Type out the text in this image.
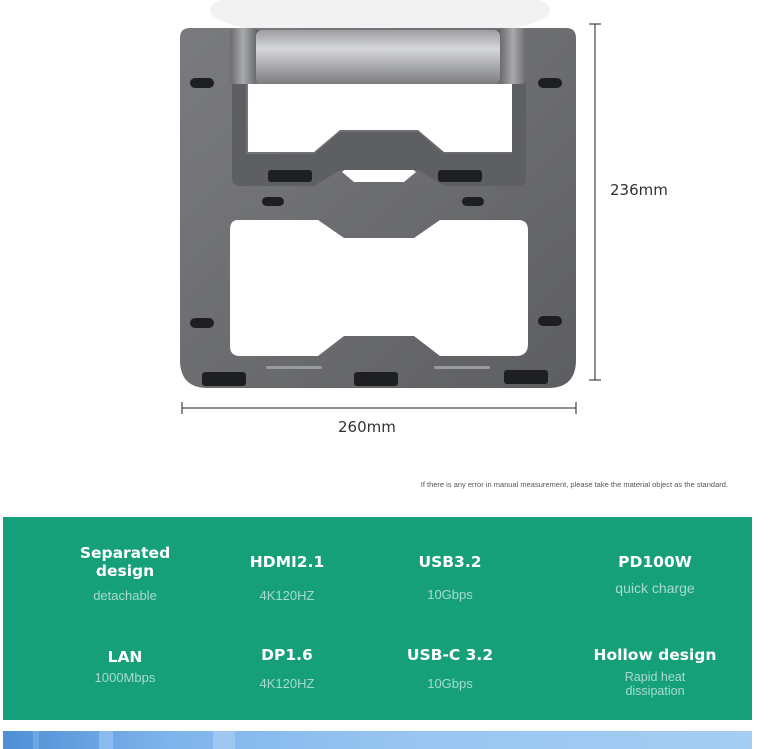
236mm
260mm
If there is any error in manual measurement, please take the material object as the standard.
Separated design
detachable
HDMI2.1
4K120HZ
USB3.2
10Gbps
PD100W
quick charge
LAN
1000Mbps
DP1.6
4K120HZ
USB-C 3.2
10Gbps
Hollow design
Rapid heat dissipation
